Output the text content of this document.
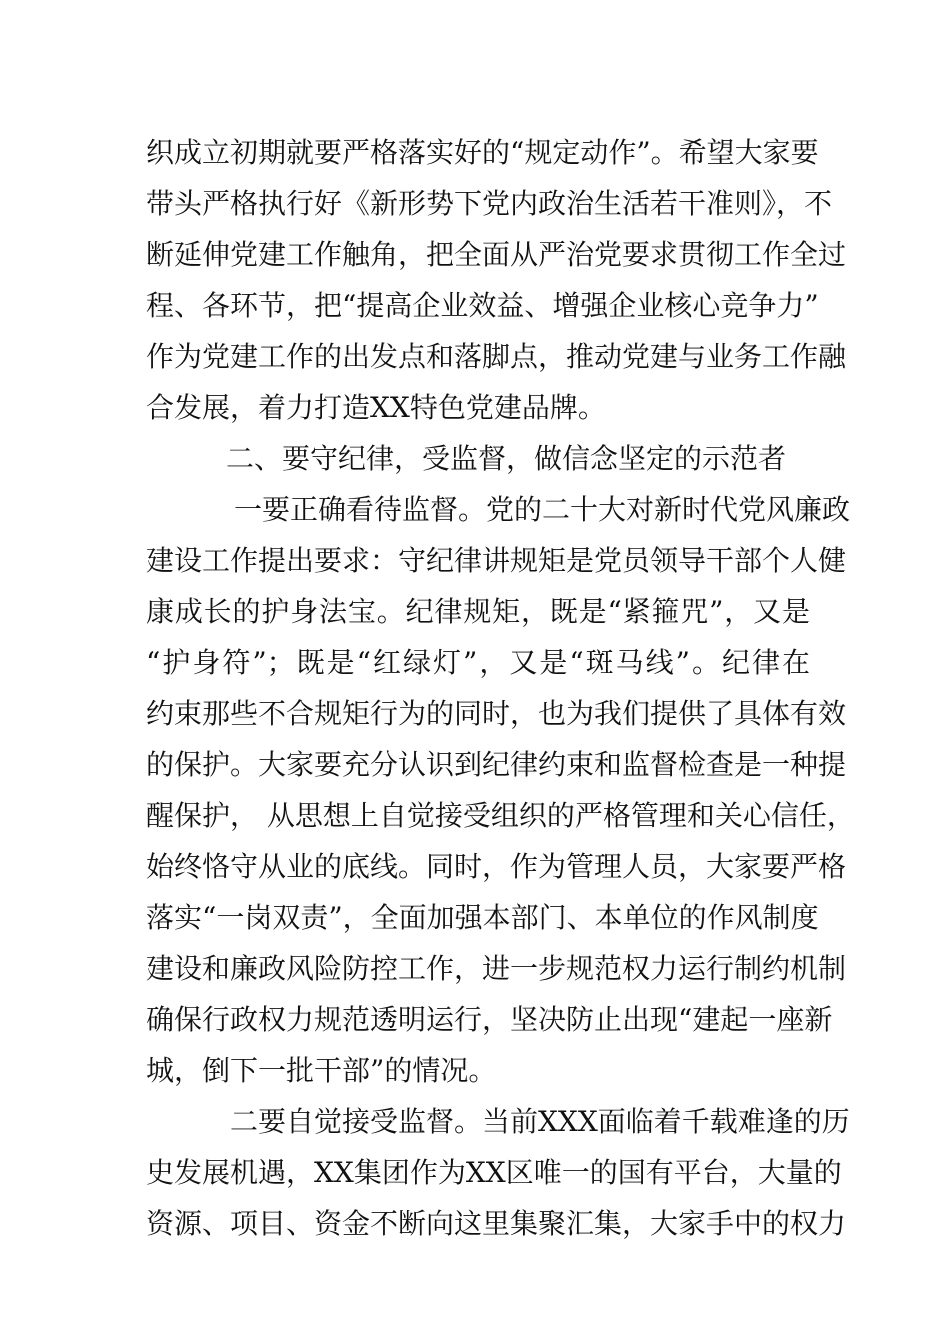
织成立初期就要严格落实好的“规定动作”。希望大家要
带头严格执行好《新形势下党内政治生活若干准则》，不
断延伸党建工作触角，把全面从严治党要求贯彻工作全过
程、各环节，把“提高企业效益、增强企业核心竞争力”
作为党建工作的出发点和落脚点，推动党建与业务工作融
合发展，着力打造XX特色党建品牌。
二、要守纪律，受监督，做信念坚定的示范者
一要正确看待监督。党的二十大对新时代党风廉政
建设工作提出要求：守纪律讲规矩是党员领导干部个人健
康成长的护身法宝。纪律规矩，既是“紧箍咒”，又是
“护身符”；既是“红绿灯”，又是“斑马线”。纪律在
约束那些不合规矩行为的同时，也为我们提供了具体有效
的保护。大家要充分认识到纪律约束和监督检查是一种提
醒保护， 从思想上自觉接受组织的严格管理和关心信任，
始终恪守从业的底线。同时，作为管理人员，大家要严格
落实“一岗双责”，全面加强本部门、本单位的作风制度
建设和廉政风险防控工作，进一步规范权力运行制约机制
确保行政权力规范透明运行，坚决防止出现“建起一座新
城，倒下一批干部”的情况。
二要自觉接受监督。当前XXX面临着千载难逢的历
史发展机遇，XX集团作为XX区唯一的国有平台，大量的
资源、项目、资金不断向这里集聚汇集，大家手中的权力
